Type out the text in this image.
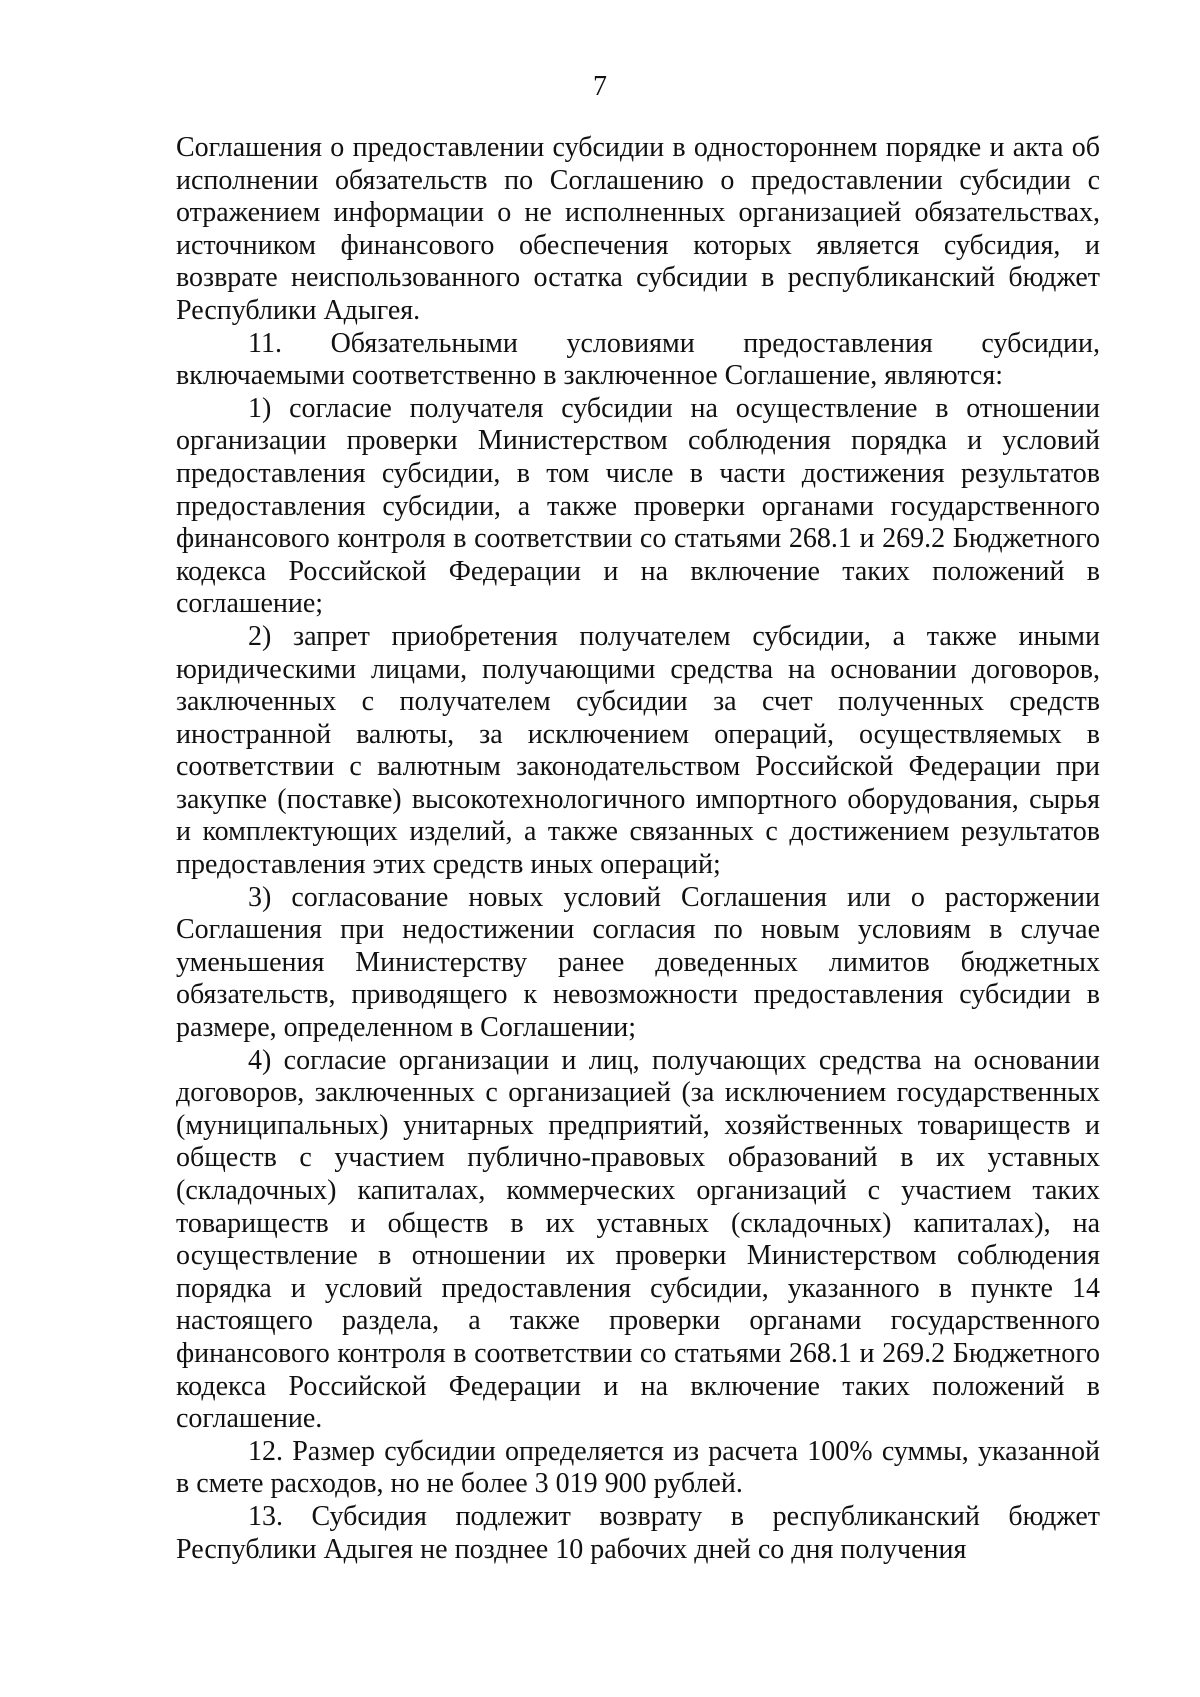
7

Соглашения о предоставлении субсидии в одностороннем порядке и акта об исполнении обязательств по Соглашению о предоставлении субсидии с отражением информации о не исполненных организацией обязательствах, источником финансового обеспечения которых является субсидия, и возврате неиспользованного остатка субсидии в республиканский бюджет Республики Адыгея.

11. Обязательными условиями предоставления субсидии, включаемыми соответственно в заключенное Соглашение, являются:

1) согласие получателя субсидии на осуществление в отношении организации проверки Министерством соблюдения порядка и условий предоставления субсидии, в том числе в части достижения результатов предоставления субсидии, а также проверки органами государственного финансового контроля в соответствии со статьями 268.1 и 269.2 Бюджетного кодекса Российской Федерации и на включение таких положений в соглашение;

2) запрет приобретения получателем субсидии, а также иными юридическими лицами, получающими средства на основании договоров, заключенных с получателем субсидии за счет полученных средств иностранной валюты, за исключением операций, осуществляемых в соответствии с валютным законодательством Российской Федерации при закупке (поставке) высокотехнологичного импортного оборудования, сырья и комплектующих изделий, а также связанных с достижением результатов предоставления этих средств иных операций;

3) согласование новых условий Соглашения или о расторжении Соглашения при недостижении согласия по новым условиям в случае уменьшения Министерству ранее доведенных лимитов бюджетных обязательств, приводящего к невозможности предоставления субсидии в размере, определенном в Соглашении;

4) согласие организации и лиц, получающих средства на основании договоров, заключенных с организацией (за исключением государственных (муниципальных) унитарных предприятий, хозяйственных товариществ и обществ с участием публично-правовых образований в их уставных (складочных) капиталах, коммерческих организаций с участием таких товариществ и обществ в их уставных (складочных) капиталах), на осуществление в отношении их проверки Министерством соблюдения порядка и условий предоставления субсидии, указанного в пункте 14 настоящего раздела, а также проверки органами государственного финансового контроля в соответствии со статьями 268.1 и 269.2 Бюджетного кодекса Российской Федерации и на включение таких положений в соглашение.

12. Размер субсидии определяется из расчета 100% суммы, указанной в смете расходов, но не более 3 019 900 рублей.

13. Субсидия подлежит возврату в республиканский бюджет Республики Адыгея не позднее 10 рабочих дней со дня получения
